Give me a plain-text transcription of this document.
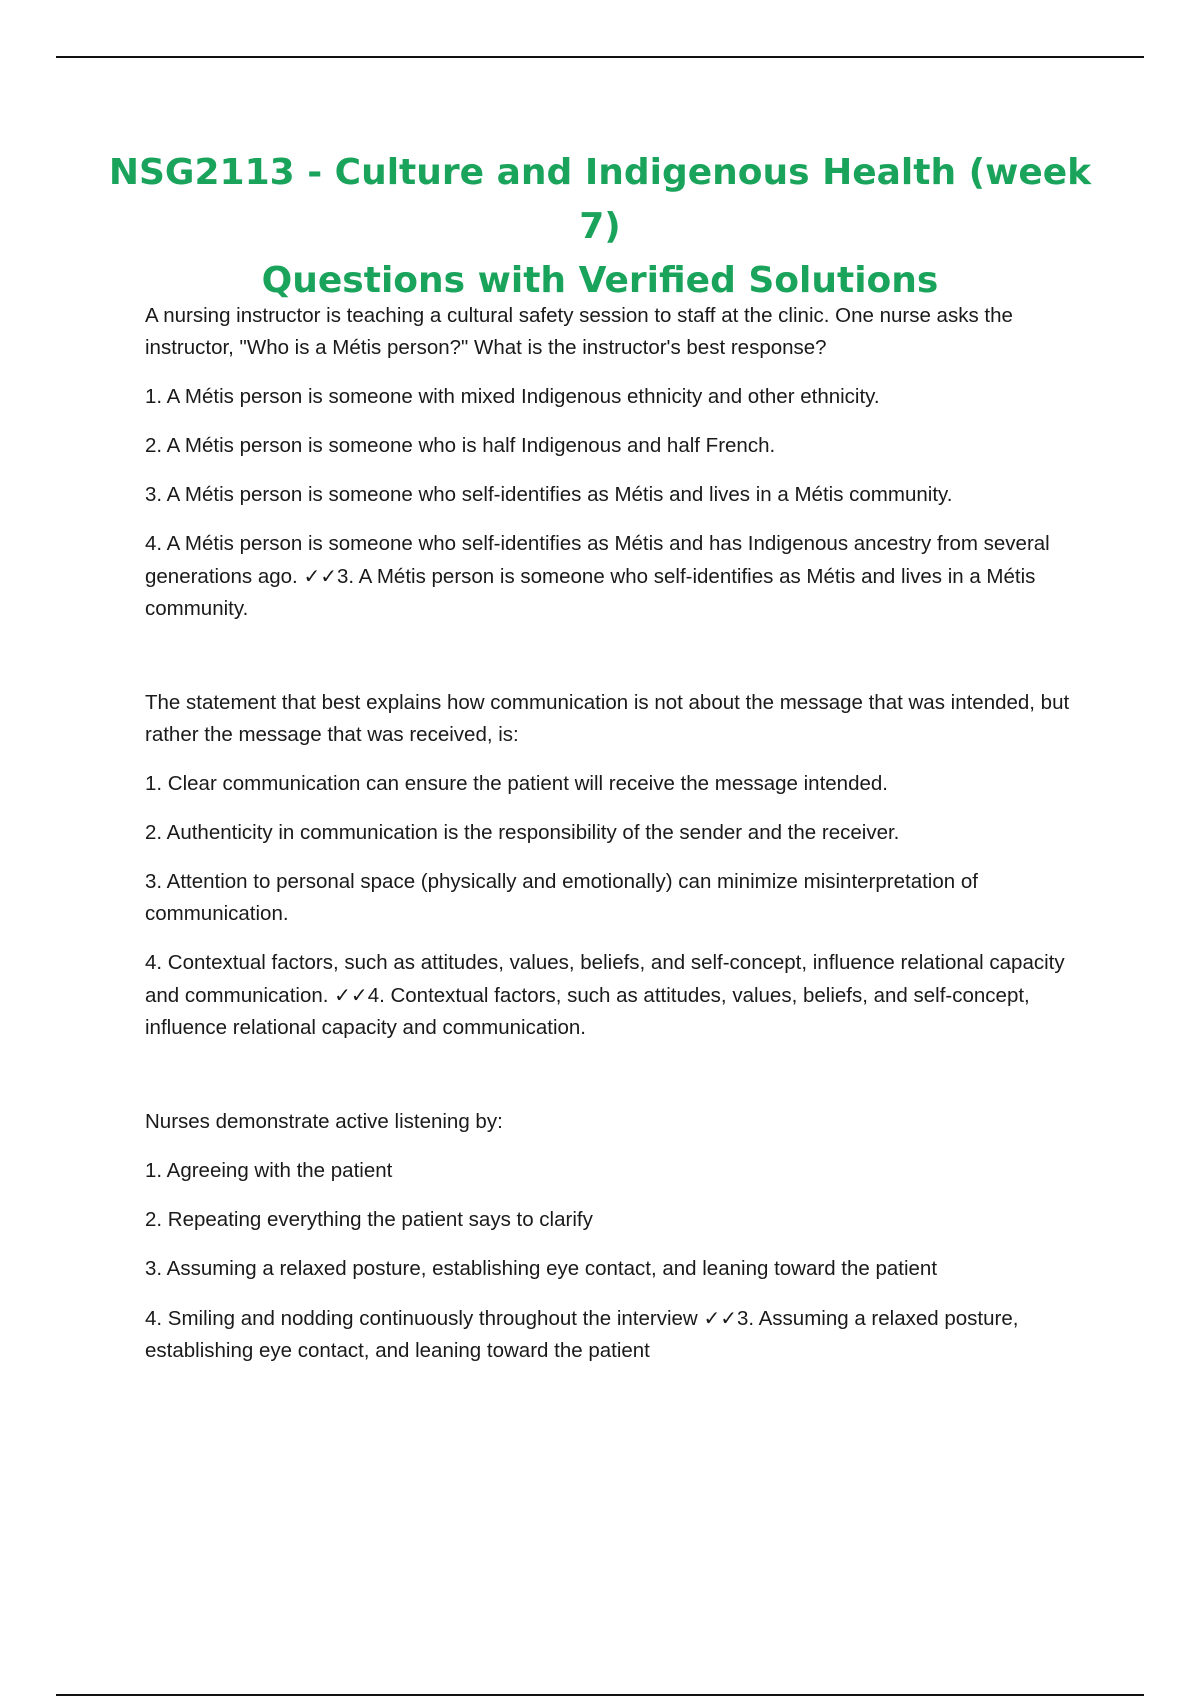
NSG2113 - Culture and Indigenous Health (week 7)
Questions with Verified Solutions

A nursing instructor is teaching a cultural safety session to staff at the clinic. One nurse asks the instructor, "Who is a Métis person?" What is the instructor's best response?

1. A Métis person is someone with mixed Indigenous ethnicity and other ethnicity.

2. A Métis person is someone who is half Indigenous and half French.

3. A Métis person is someone who self-identifies as Métis and lives in a Métis community.

4. A Métis person is someone who self-identifies as Métis and has Indigenous ancestry from several generations ago. ✓✓3. A Métis person is someone who self-identifies as Métis and lives in a Métis community.

The statement that best explains how communication is not about the message that was intended, but rather the message that was received, is:

1. Clear communication can ensure the patient will receive the message intended.

2. Authenticity in communication is the responsibility of the sender and the receiver.

3. Attention to personal space (physically and emotionally) can minimize misinterpretation of communication.

4. Contextual factors, such as attitudes, values, beliefs, and self-concept, influence relational capacity and communication. ✓✓4. Contextual factors, such as attitudes, values, beliefs, and self-concept, influence relational capacity and communication.

Nurses demonstrate active listening by:

1. Agreeing with the patient

2. Repeating everything the patient says to clarify

3. Assuming a relaxed posture, establishing eye contact, and leaning toward the patient

4. Smiling and nodding continuously throughout the interview ✓✓3. Assuming a relaxed posture, establishing eye contact, and leaning toward the patient
